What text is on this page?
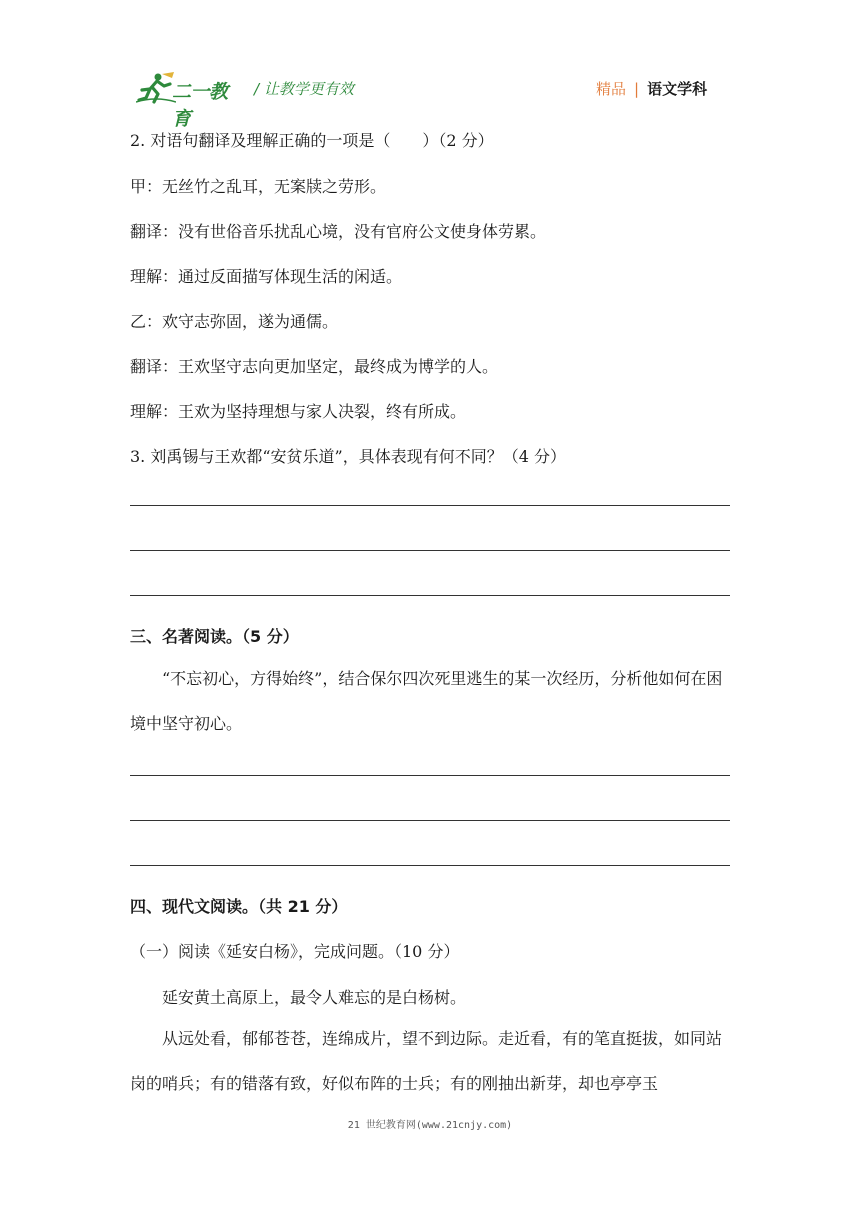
二一教育
/ 让教学更有效	精品 | 语文学科
2. 对语句翻译及理解正确的一项是（　　）（2 分）
甲：无丝竹之乱耳，无案牍之劳形。
翻译：没有世俗音乐扰乱心境，没有官府公文使身体劳累。
理解：通过反面描写体现生活的闲适。
乙：欢守志弥固，遂为通儒。
翻译：王欢坚守志向更加坚定，最终成为博学的人。
理解：王欢为坚持理想与家人决裂，终有所成。
3. 刘禹锡与王欢都“安贫乐道”，具体表现有何不同？（4 分）
三、名著阅读。（5 分）
“不忘初心，方得始终”，结合保尔四次死里逃生的某一次经历，分析他如何在困境中坚守初心。
四、现代文阅读。（共 21 分）
（一）阅读《延安白杨》，完成问题。（10 分）
延安黄土高原上，最令人难忘的是白杨树。
从远处看，郁郁苍苍，连绵成片，望不到边际。走近看，有的笔直挺拔，如同站岗的哨兵；有的错落有致，好似布阵的士兵；有的刚抽出新芽，却也亭亭玉
21 世纪教育网(www.21cnjy.com)
